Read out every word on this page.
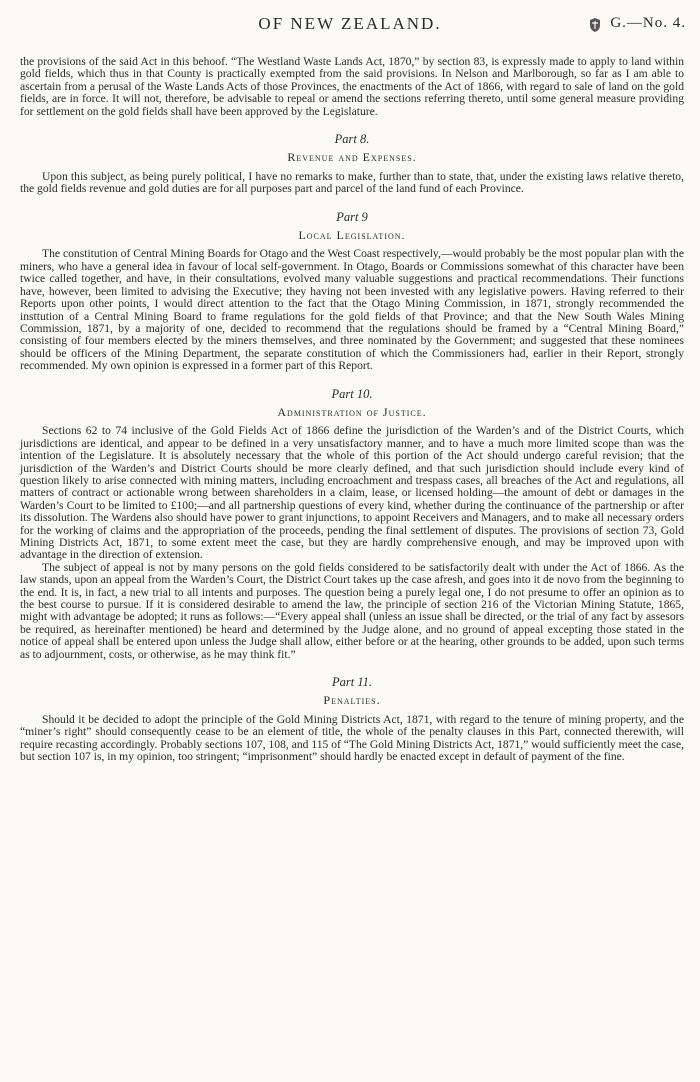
OF NEW ZEALAND.	G.—No. 4.

the provisions of the said Act in this behoof. “The Westland Waste Lands Act, 1870,” by section 83, is expressly made to apply to land within gold fields, which thus in that County is practically exempted from the said provisions. In Nelson and Marlborough, so far as I am able to ascertain from a perusal of the Waste Lands Acts of those Provinces, the enactments of the Act of 1866, with regard to sale of land on the gold fields, are in force. It will not, therefore, be advisable to repeal or amend the sections referring thereto, until some general measure providing for settlement on the gold fields shall have been approved by the Legislature.

Part 8.
Revenue and Expenses.

Upon this subject, as being purely political, I have no remarks to make, further than to state, that, under the existing laws relative thereto, the gold fields revenue and gold duties are for all purposes part and parcel of the land fund of each Province.

Part 9
Local Legislation.

The constitution of Central Mining Boards for Otago and the West Coast respectively,—would probably be the most popular plan with the miners, who have a general idea in favour of local self-government. In Otago, Boards or Commissions somewhat of this character have been twice called together, and have, in their consultations, evolved many valuable suggestions and practical recommendations. Their functions have, however, been limited to advising the Executive; they having not been invested with any legislative powers. Having referred to their Reports upon other points, I would direct attention to the fact that the Otago Mining Commission, in 1871, strongly recommended the insttution of a Central Mining Board to frame regulations for the gold fields of that Province; and that the New South Wales Mining Commission, 1871, by a majority of one, decided to recommend that the regulations should be framed by a “Central Mining Board,” consisting of four members elected by the miners themselves, and three nominated by the Government; and suggested that these nominees should be officers of the Mining Department, the separate constitution of which the Commissioners had, earlier in their Report, strongly recommended. My own opinion is expressed in a former part of this Report.

Part 10.
Administration of Justice.

Sections 62 to 74 inclusive of the Gold Fields Act of 1866 define the jurisdiction of the Warden’s and of the District Courts, which jurisdictions are identical, and appear to be defined in a very unsatisfactory manner, and to have a much more limited scope than was the intention of the Legislature. It is absolutely necessary that the whole of this portion of the Act should undergo careful revision; that the jurisdiction of the Warden’s and District Courts should be more clearly defined, and that such jurisdiction should include every kind of question likely to arise connected with mining matters, including encroachment and trespass cases, all breaches of the Act and regulations, all matters of contract or actionable wrong between shareholders in a claim, lease, or licensed holding—the amount of debt or damages in the Warden’s Court to be limited to £100;—and all partnership questions of every kind, whether during the continuance of the partnership or after its dissolution. The Wardens also should have power to grant injunctions, to appoint Receivers and Managers, and to make all necessary orders for the working of claims and the appropriation of the proceeds, pending the final settlement of disputes. The provisions of section 73, Gold Mining Districts Act, 1871, to some extent meet the case, but they are hardly comprehensive enough, and may be improved upon with advantage in the direction of extension.

The subject of appeal is not by many persons on the gold fields considered to be satisfactorily dealt with under the Act of 1866. As the law stands, upon an appeal from the Warden’s Court, the District Court takes up the case afresh, and goes into it de novo from the beginning to the end. It is, in fact, a new trial to all intents and purposes. The question being a purely legal one, I do not presume to offer an opinion as to the best course to pursue. If it is considered desirable to amend the law, the principle of section 216 of the Victorian Mining Statute, 1865, might with advantage be adopted; it runs as follows:—“Every appeal shall (unless an issue shall be directed, or the trial of any fact by assesors be required, as hereinafter mentioned) be heard and determined by the Judge alone, and no ground of appeal excepting those stated in the notice of appeal shall be entered upon unless the Judge shall allow, either before or at the hearing, other grounds to be added, upon such terms as to adjournment, costs, or otherwise, as he may think fit.”

Part 11.
Penalties.

Should it be decided to adopt the principle of the Gold Mining Districts Act, 1871, with regard to the tenure of mining property, and the “miner’s right” should consequently cease to be an element of title, the whole of the penalty clauses in this Part, connected therewith, will require recasting accordingly. Probably sections 107, 108, and 115 of “The Gold Mining Districts Act, 1871,” would sufficiently meet the case, but section 107 is, in my opinion, too stringent; “imprisonment” should hardly be enacted except in default of payment of the fine.
